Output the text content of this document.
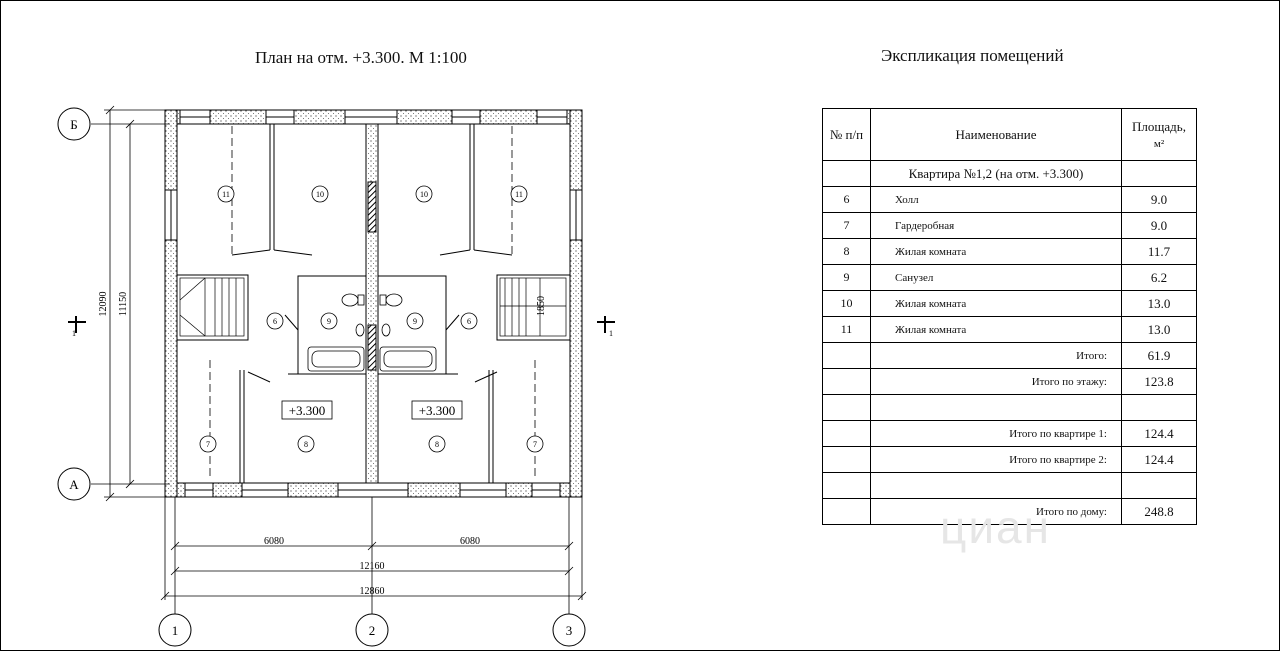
План на отм. +3.300. М 1:100	Экспликация помещений
11	10	10	11
6	9	9	6
7	8	8	7
+3.300	+3.300
Б
А
1	2	3
6080	6080
12160
12860
12090 11150	1850
1	1
№ п/п	Наименование	Площадь,
м²
	Квартира №1,2 (на отм. +3.300)	
6	Холл	9.0
7	Гардеробная	9.0
8	Жилая комната	11.7
9	Санузел	6.2
10	Жилая комната	13.0
11	Жилая комната	13.0
	Итого:	61.9
	Итого по этажу:	123.8

	Итого по квартире 1:	124.4
	Итого по квартире 2:	124.4

	Итого по дому:	248.8
циан
